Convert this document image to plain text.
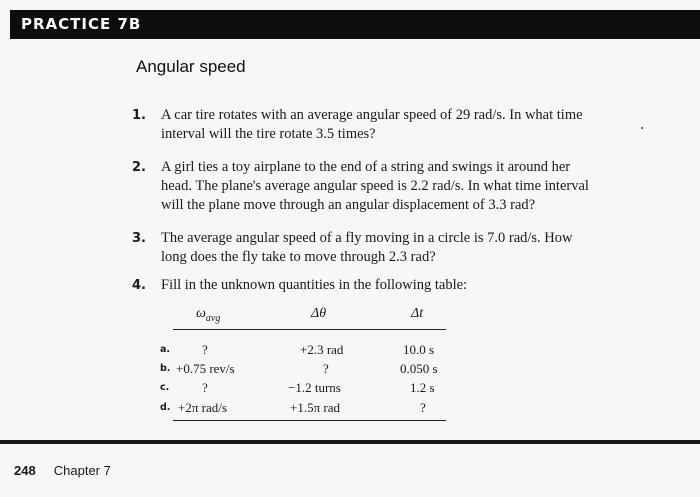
PRACTICE 7B
Angular speed
1. A car tire rotates with an average angular speed of 29 rad/s. In what time
interval will the tire rotate 3.5 times?
2. A girl ties a toy airplane to the end of a string and swings it around her
head. The plane's average angular speed is 2.2 rad/s. In what time interval
will the plane move through an angular displacement of 3.3 rad?
3. The average angular speed of a fly moving in a circle is 7.0 rad/s. How
long does the fly take to move through 2.3 rad?
4. Fill in the unknown quantities in the following table:
$\omega_{avg}$	Δθ	Δt
a. ?	+2.3 rad	10.0 s
b. +0.75 rev/s	?	0.050 s
c.	?	−1.2 turns	1.2 s
d. +2π rad/s	+1.5π rad	?
248 Chapter 7
